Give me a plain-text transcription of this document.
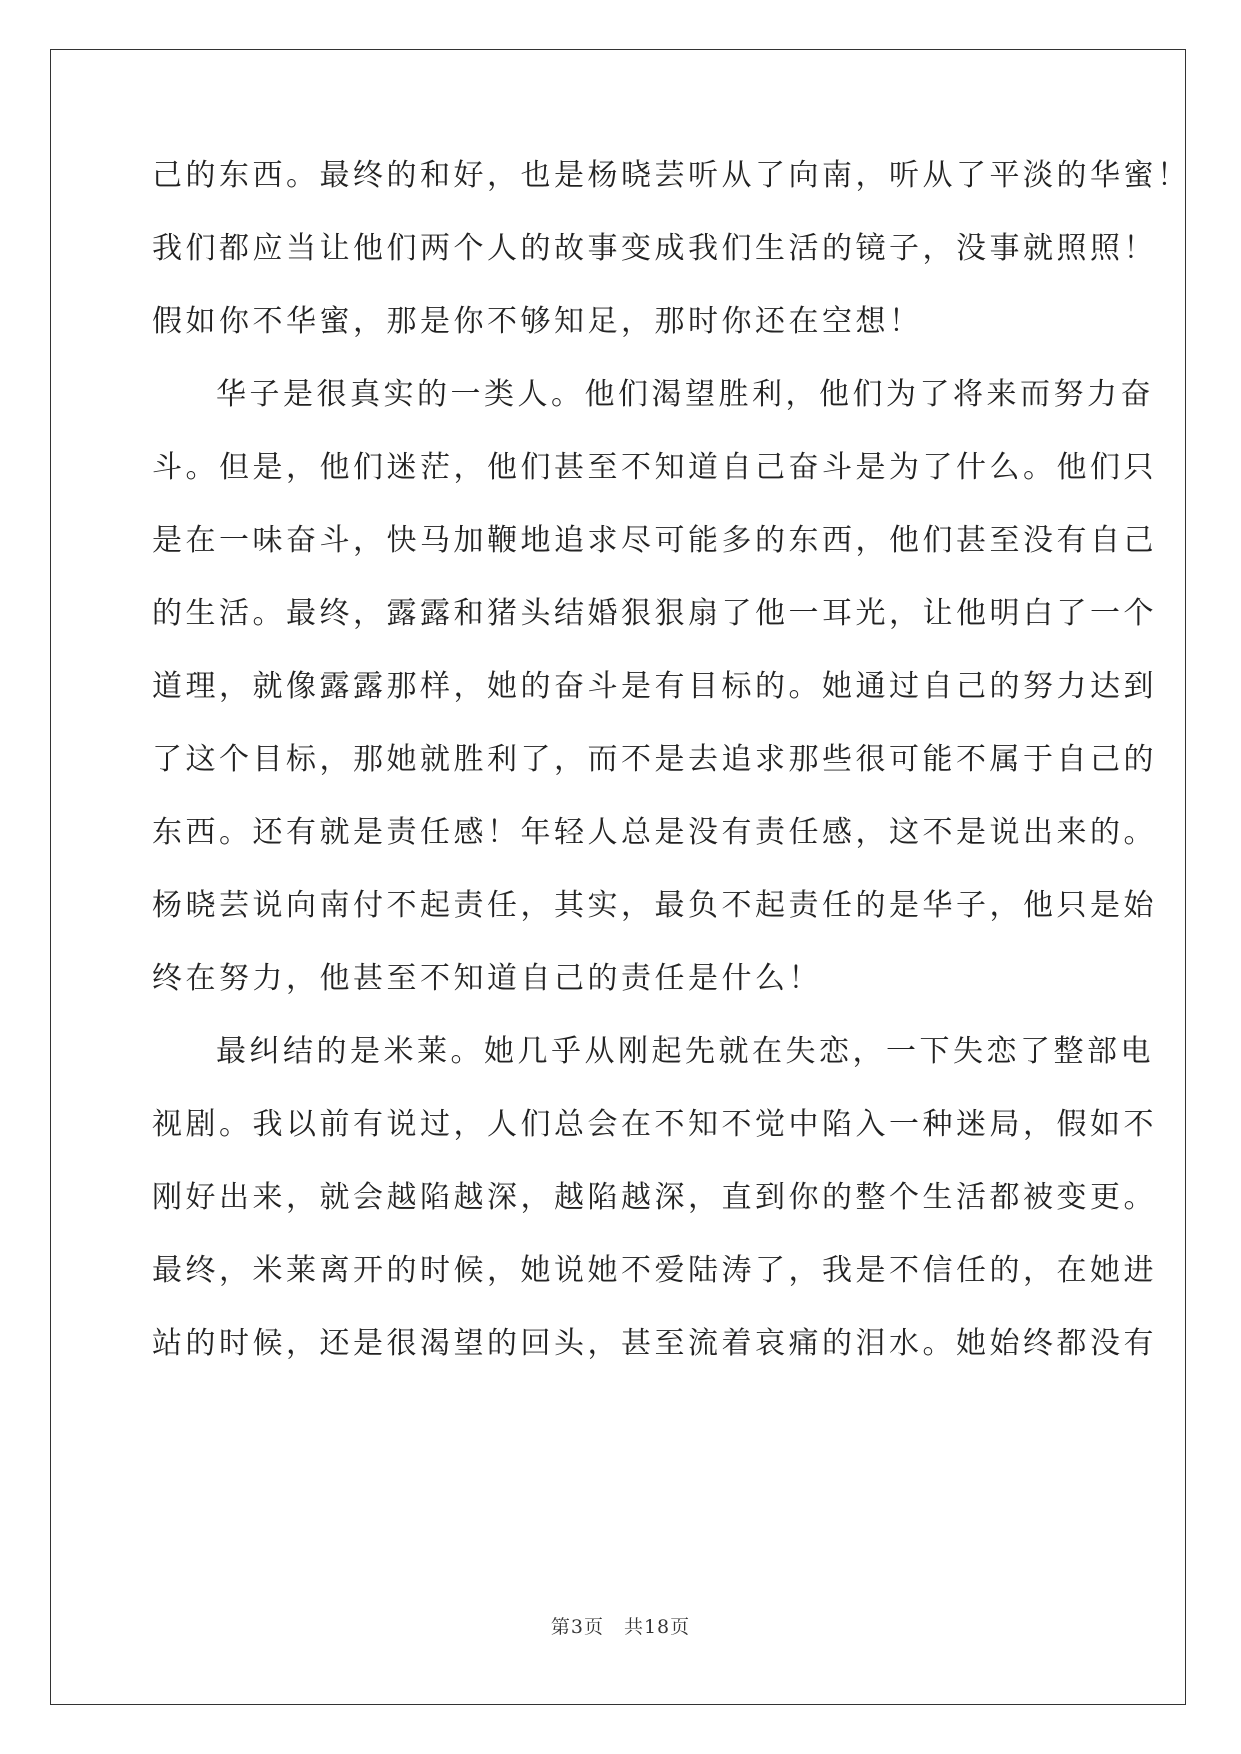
己的东西。最终的和好，也是杨晓芸听从了向南，听从了平淡的华蜜！
我们都应当让他们两个人的故事变成我们生活的镜子，没事就照照！
假如你不华蜜，那是你不够知足，那时你还在空想！
华子是很真实的一类人。他们渴望胜利，他们为了将来而努力奋
斗。但是，他们迷茫，他们甚至不知道自己奋斗是为了什么。他们只
是在一味奋斗，快马加鞭地追求尽可能多的东西，他们甚至没有自己
的生活。最终，露露和猪头结婚狠狠扇了他一耳光，让他明白了一个
道理，就像露露那样，她的奋斗是有目标的。她通过自己的努力达到
了这个目标，那她就胜利了，而不是去追求那些很可能不属于自己的
东西。还有就是责任感！年轻人总是没有责任感，这不是说出来的。
杨晓芸说向南付不起责任，其实，最负不起责任的是华子，他只是始
终在努力，他甚至不知道自己的责任是什么！
最纠结的是米莱。她几乎从刚起先就在失恋，一下失恋了整部电
视剧。我以前有说过，人们总会在不知不觉中陷入一种迷局，假如不
刚好出来，就会越陷越深，越陷越深，直到你的整个生活都被变更。
最终，米莱离开的时候，她说她不爱陆涛了，我是不信任的，在她进
站的时候，还是很渴望的回头，甚至流着哀痛的泪水。她始终都没有
第3页 共18页
